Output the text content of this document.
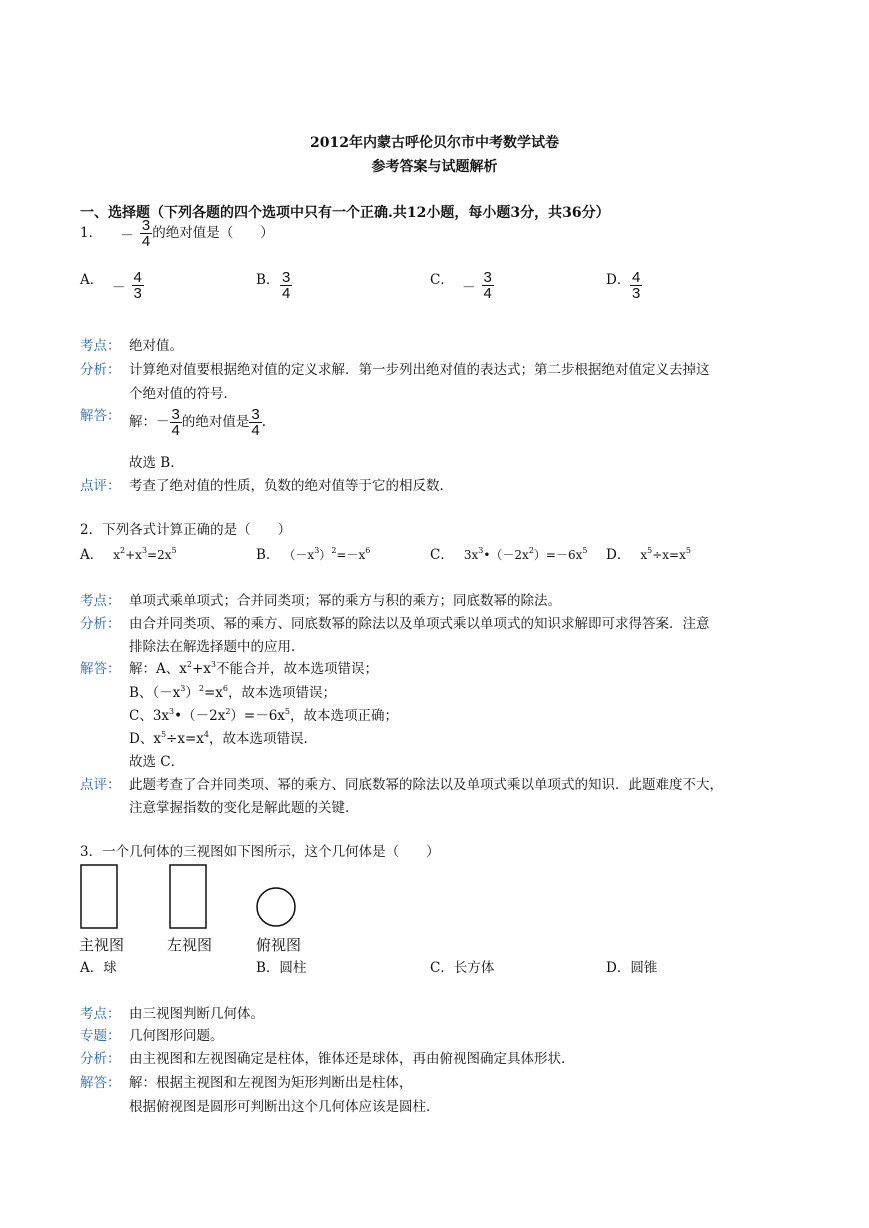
2012年内蒙古呼伦贝尔市中考数学试卷
参考答案与试题解析
一、选择题（下列各题的四个选项中只有一个正确.共12小题，每小题3分，共36分）
1． － $\frac{3}{4}$ 的绝对值是（　　）
A． － $\frac{4}{3}$	B． $\frac{3}{4}$	C． － $\frac{3}{4}$	D． $\frac{4}{3}$
考点： 绝对值。
分析： 计算绝对值要根据绝对值的定义求解．第一步列出绝对值的表达式；第二步根据绝对值定义去掉这
个绝对值的符号．
解答： 解：－ $\frac{3}{4}$ 的绝对值是 $\frac{3}{4}$ .
故选 B．
点评： 考查了绝对值的性质，负数的绝对值等于它的相反数．
2．下列各式计算正确的是（　　）
A． $x^2+x^3=2x^5$	B． $(-x^3)^2=-x^6$	C． $3x^3•(-2x^2)=-6x^5$ D． $x^5\div x=x^5$
考点： 单项式乘单项式；合并同类项；幂的乘方与积的乘方；同底数幂的除法。
分析： 由合并同类项、幂的乘方、同底数幂的除法以及单项式乘以单项式的知识求解即可求得答案．注意
排除法在解选择题中的应用．
解答： 解：A、$x^2+x^3$不能合并，故本选项错误；
B、$(-x^3)^2=x^6$，故本选项错误；
C、$3x^3•(-2x^2)=-6x^5$，故本选项正确；
D、$x^5\div x=x^4$，故本选项错误．
故选 C．
点评： 此题考查了合并同类项、幂的乘方、同底数幂的除法以及单项式乘以单项式的知识．此题难度不大，
注意掌握指数的变化是解此题的关键．
3．一个几何体的三视图如下图所示，这个几何体是（　　）
主视图	左视图	俯视图
A．球	B．圆柱	C．长方体	D．圆锥
考点： 由三视图判断几何体。
专题： 几何图形问题。
分析： 由主视图和左视图确定是柱体，锥体还是球体，再由俯视图确定具体形状．
解答： 解：根据主视图和左视图为矩形判断出是柱体，
根据俯视图是圆形可判断出这个几何体应该是圆柱．
